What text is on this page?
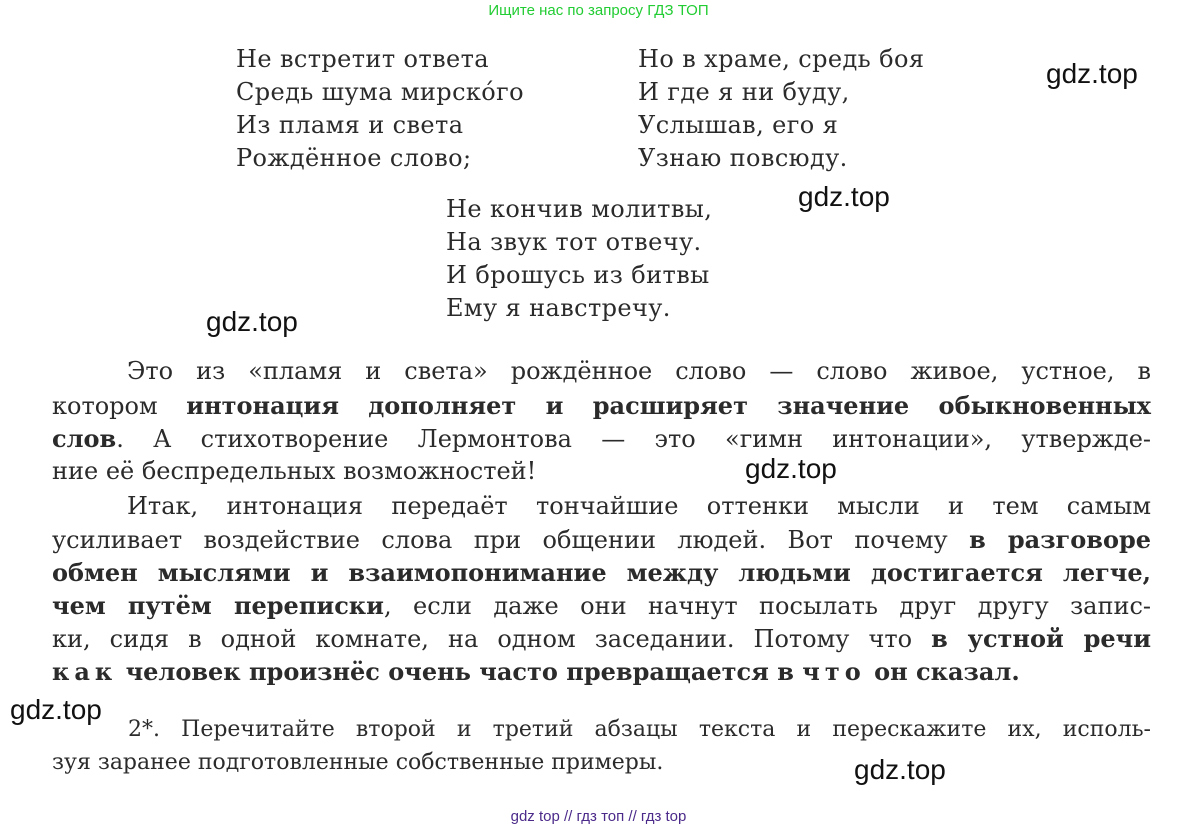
Ищите нас по запросу ГДЗ ТОП
Не встретит ответа
Средь шума мирско́го
Из пламя и света
Рождённое слово;
Но в храме, средь боя
И где я ни буду,
Услышав, его я
Узнаю повсюду.
Не кончив молитвы,
На звук тот отвечу.
И брошусь из битвы
Ему я навстречу.
Это из «пламя и света» рождённое слово — слово живое, устное, в
котором интонация дополняет и расширяет значение обыкновенных
слов. А стихотворение Лермонтова — это «гимн интонации», утвержде-
ние её беспредельных возможностей!
Итак, интонация передаёт тончайшие оттенки мысли и тем самым
усиливает воздействие слова при общении людей. Вот почему в разговоре
обмен мыслями и взаимопонимание между людьми достигается легче,
чем путём переписки, если даже они начнут посылать друг другу запис-
ки, сидя в одной комнате, на одном заседании. Потому что в устной речи
как человек произнёс очень часто превращается в что он сказал.
2*. Перечитайте второй и третий абзацы текста и перескажите их, исполь-
зуя заранее подготовленные собственные примеры.
gdz.top
gdz.top
gdz.top
gdz.top
gdz.top
gdz.top
gdz top // гдз топ // гдз top
